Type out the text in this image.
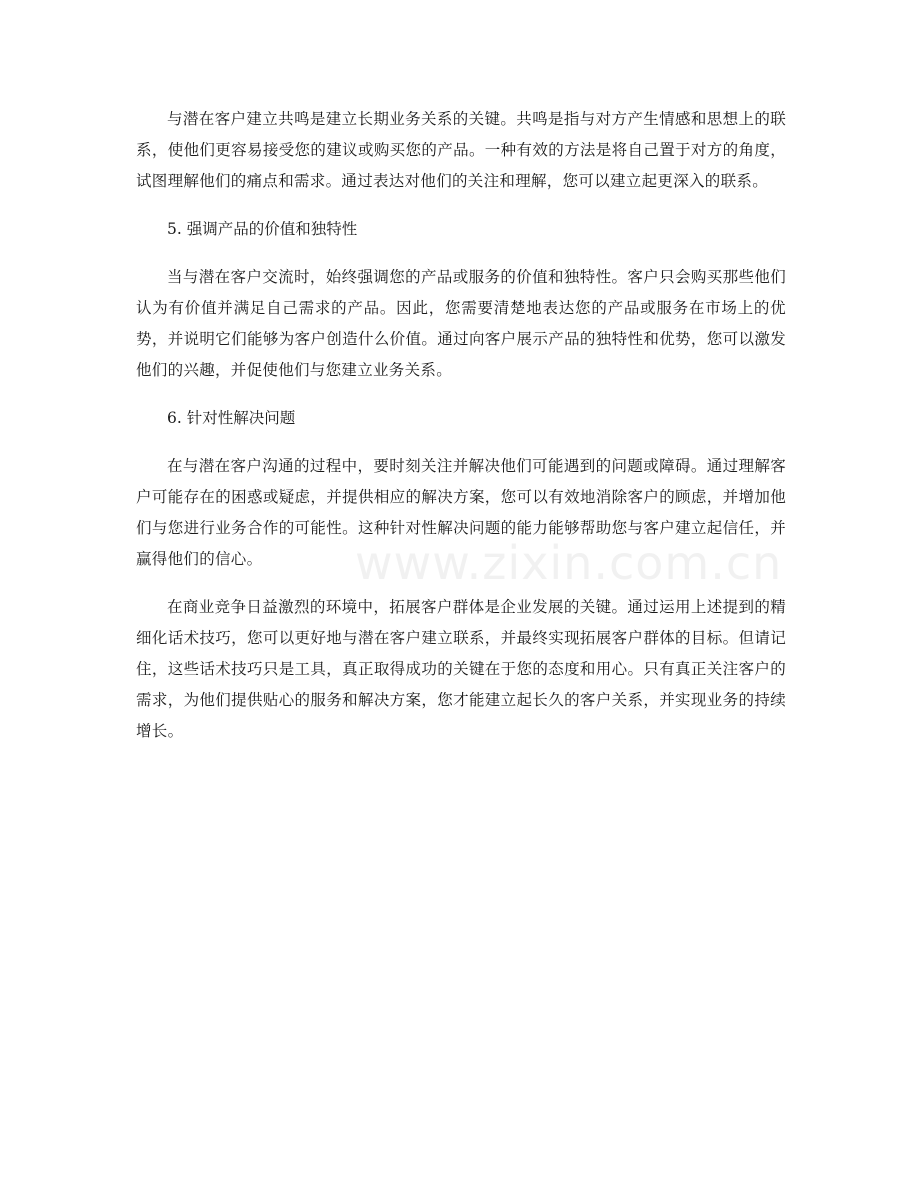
与潜在客户建立共鸣是建立长期业务关系的关键。共鸣是指与对方产生情感和思想上的联系，使他们更容易接受您的建议或购买您的产品。一种有效的方法是将自己置于对方的角度，试图理解他们的痛点和需求。通过表达对他们的关注和理解，您可以建立起更深入的联系。

5. 强调产品的价值和独特性

当与潜在客户交流时，始终强调您的产品或服务的价值和独特性。客户只会购买那些他们认为有价值并满足自己需求的产品。因此，您需要清楚地表达您的产品或服务在市场上的优势，并说明它们能够为客户创造什么价值。通过向客户展示产品的独特性和优势，您可以激发他们的兴趣，并促使他们与您建立业务关系。

6. 针对性解决问题

在与潜在客户沟通的过程中，要时刻关注并解决他们可能遇到的问题或障碍。通过理解客户可能存在的困惑或疑虑，并提供相应的解决方案，您可以有效地消除客户的顾虑，并增加他们与您进行业务合作的可能性。这种针对性解决问题的能力能够帮助您与客户建立起信任，并赢得他们的信心。

在商业竞争日益激烈的环境中，拓展客户群体是企业发展的关键。通过运用上述提到的精细化话术技巧，您可以更好地与潜在客户建立联系，并最终实现拓展客户群体的目标。但请记住，这些话术技巧只是工具，真正取得成功的关键在于您的态度和用心。只有真正关注客户的需求，为他们提供贴心的服务和解决方案，您才能建立起长久的客户关系，并实现业务的持续增长。

www.zixin.com.cn
